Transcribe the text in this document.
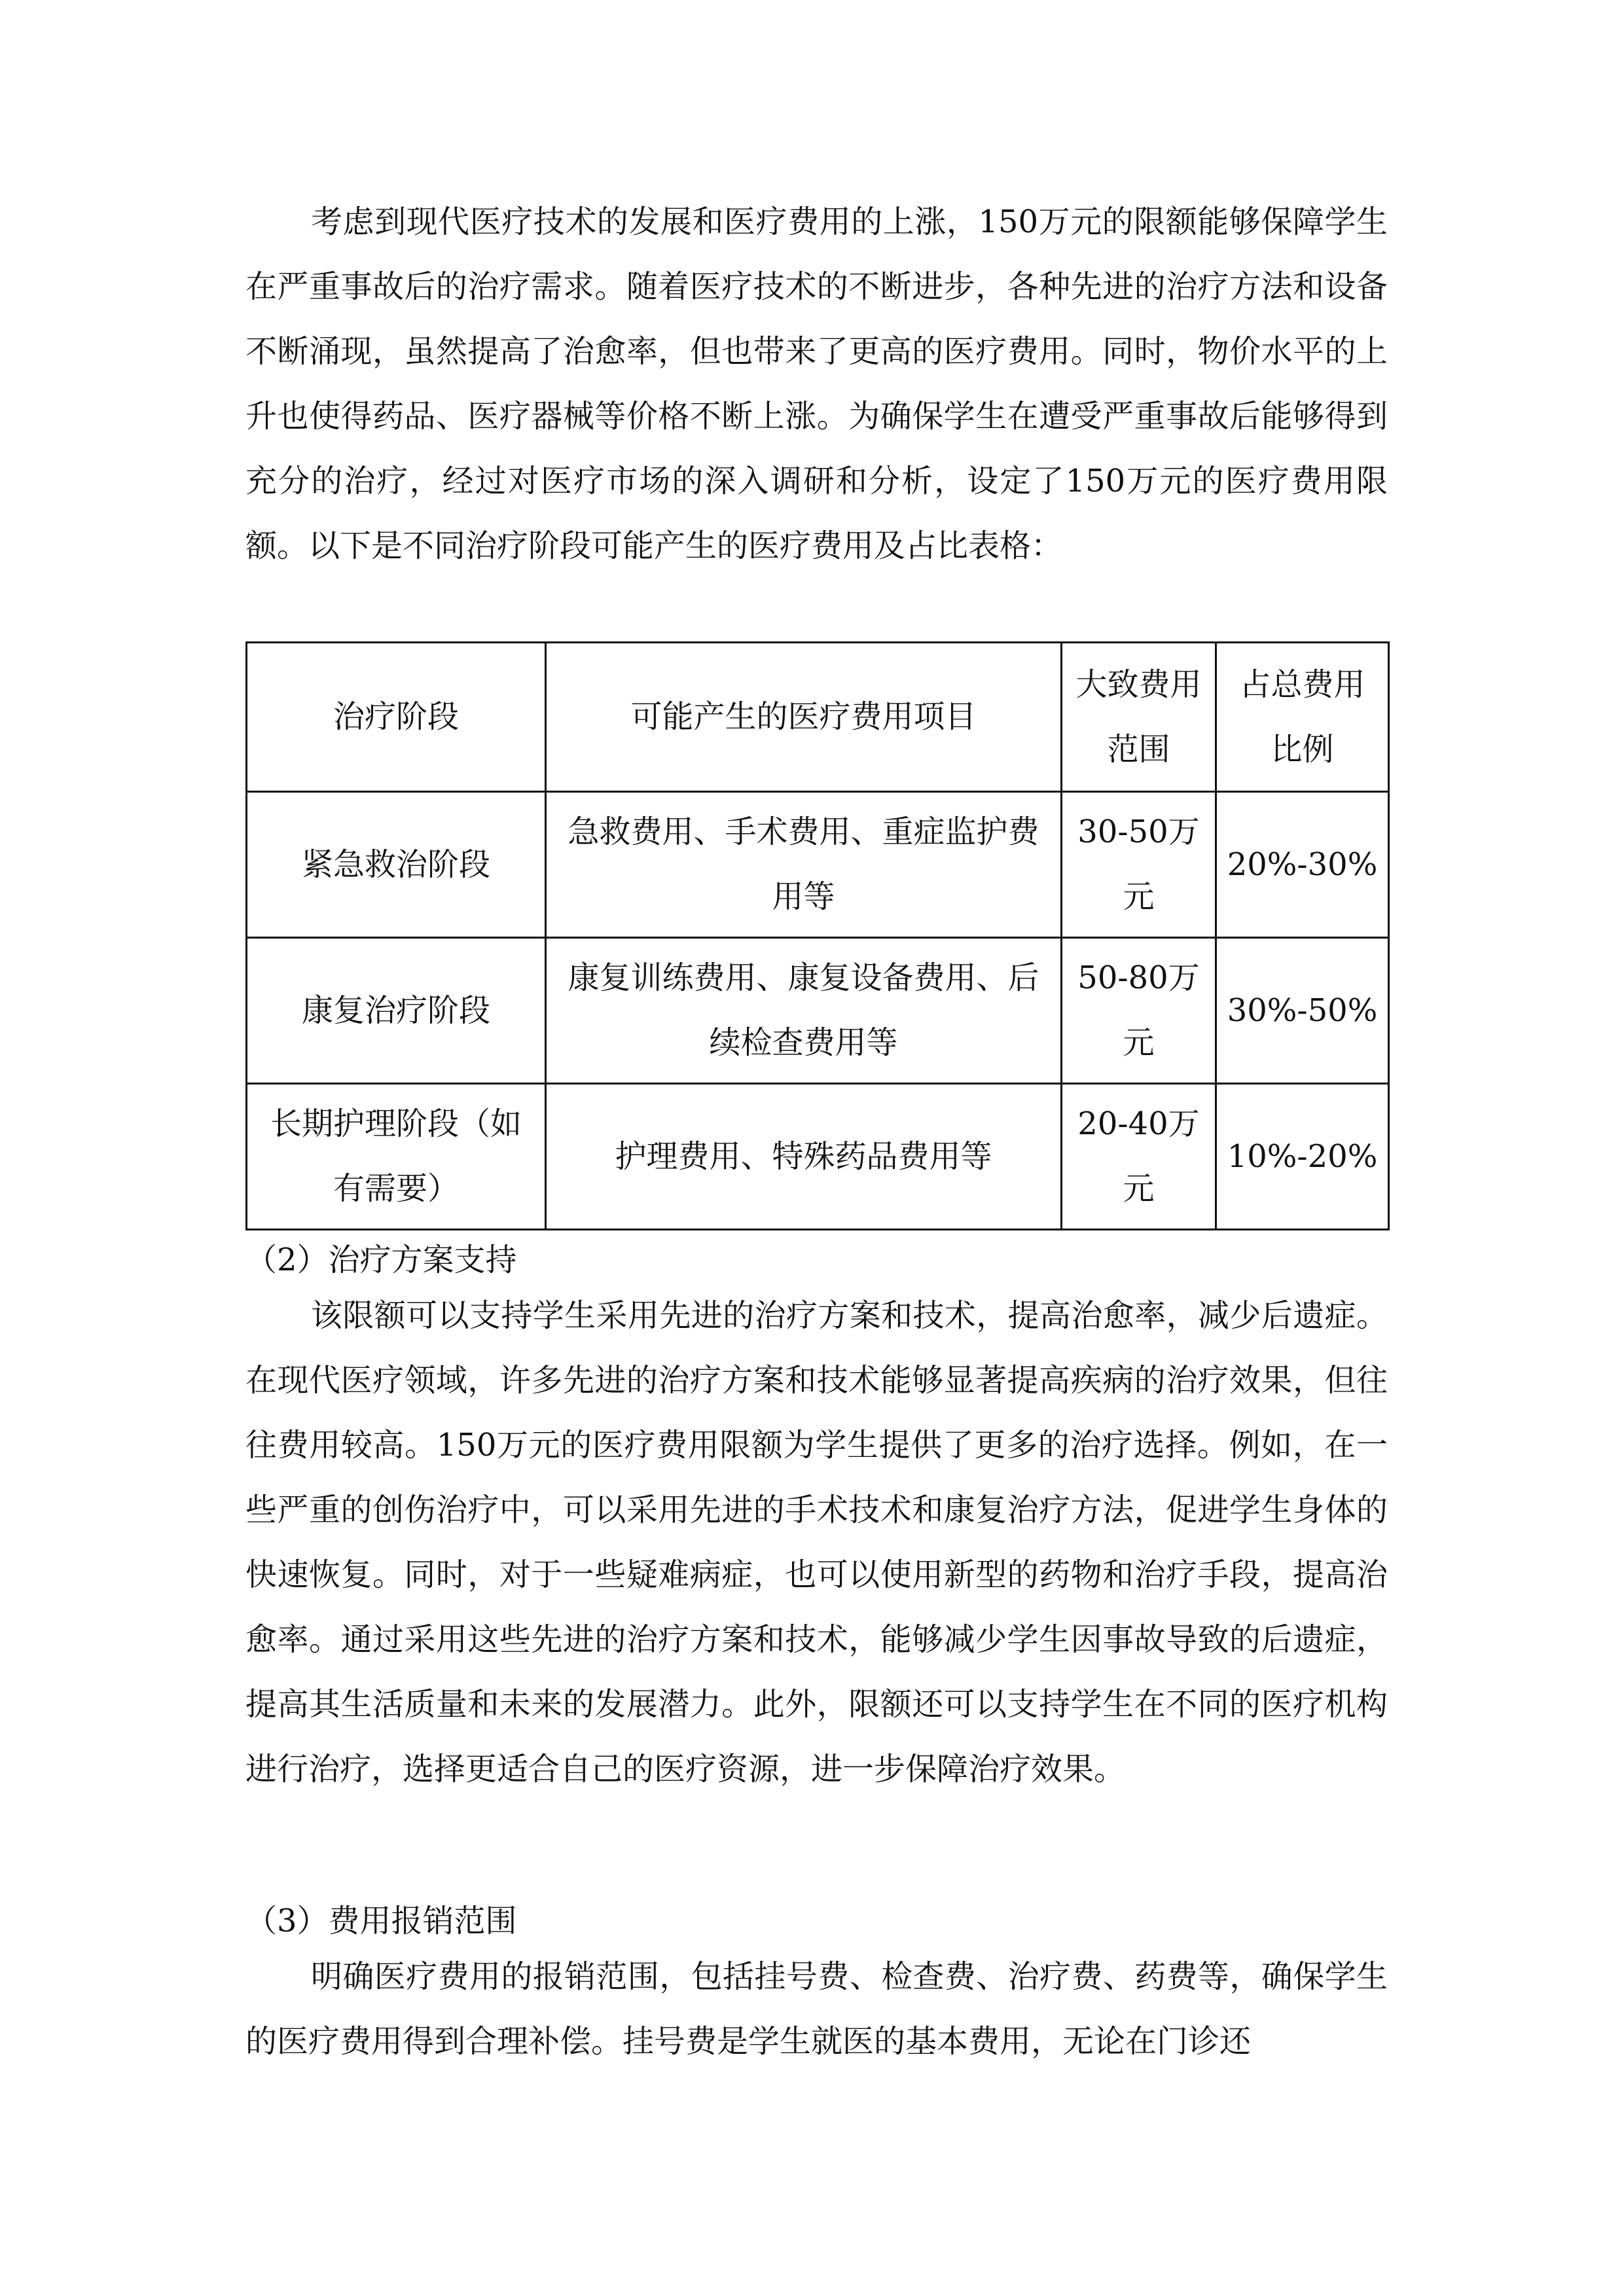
考虑到现代医疗技术的发展和医疗费用的上涨，150万元的限额能够保障学生在严重事故后的治疗需求。随着医疗技术的不断进步，各种先进的治疗方法和设备不断涌现，虽然提高了治愈率，但也带来了更高的医疗费用。同时，物价水平的上升也使得药品、医疗器械等价格不断上涨。为确保学生在遭受严重事故后能够得到充分的治疗，经过对医疗市场的深入调研和分析，设定了150万元的医疗费用限额。以下是不同治疗阶段可能产生的医疗费用及占比表格：
治疗阶段	可能产生的医疗费用项目	大致费用范围	占总费用比例
紧急救治阶段	急救费用、手术费用、重症监护费用等	30-50万元	20%-30%
康复治疗阶段	康复训练费用、康复设备费用、后续检查费用等	50-80万元	30%-50%
长期护理阶段（如有需要）	护理费用、特殊药品费用等	20-40万元	10%-20%
（2）治疗方案支持
该限额可以支持学生采用先进的治疗方案和技术，提高治愈率，减少后遗症。在现代医疗领域，许多先进的治疗方案和技术能够显著提高疾病的治疗效果，但往往费用较高。150万元的医疗费用限额为学生提供了更多的治疗选择。例如，在一些严重的创伤治疗中，可以采用先进的手术技术和康复治疗方法，促进学生身体的快速恢复。同时，对于一些疑难病症，也可以使用新型的药物和治疗手段，提高治愈率。通过采用这些先进的治疗方案和技术，能够减少学生因事故导致的后遗症，提高其生活质量和未来的发展潜力。此外，限额还可以支持学生在不同的医疗机构进行治疗，选择更适合自己的医疗资源，进一步保障治疗效果。
（3）费用报销范围
明确医疗费用的报销范围，包括挂号费、检查费、治疗费、药费等，确保学生的医疗费用得到合理补偿。挂号费是学生就医的基本费用，无论在门诊还
